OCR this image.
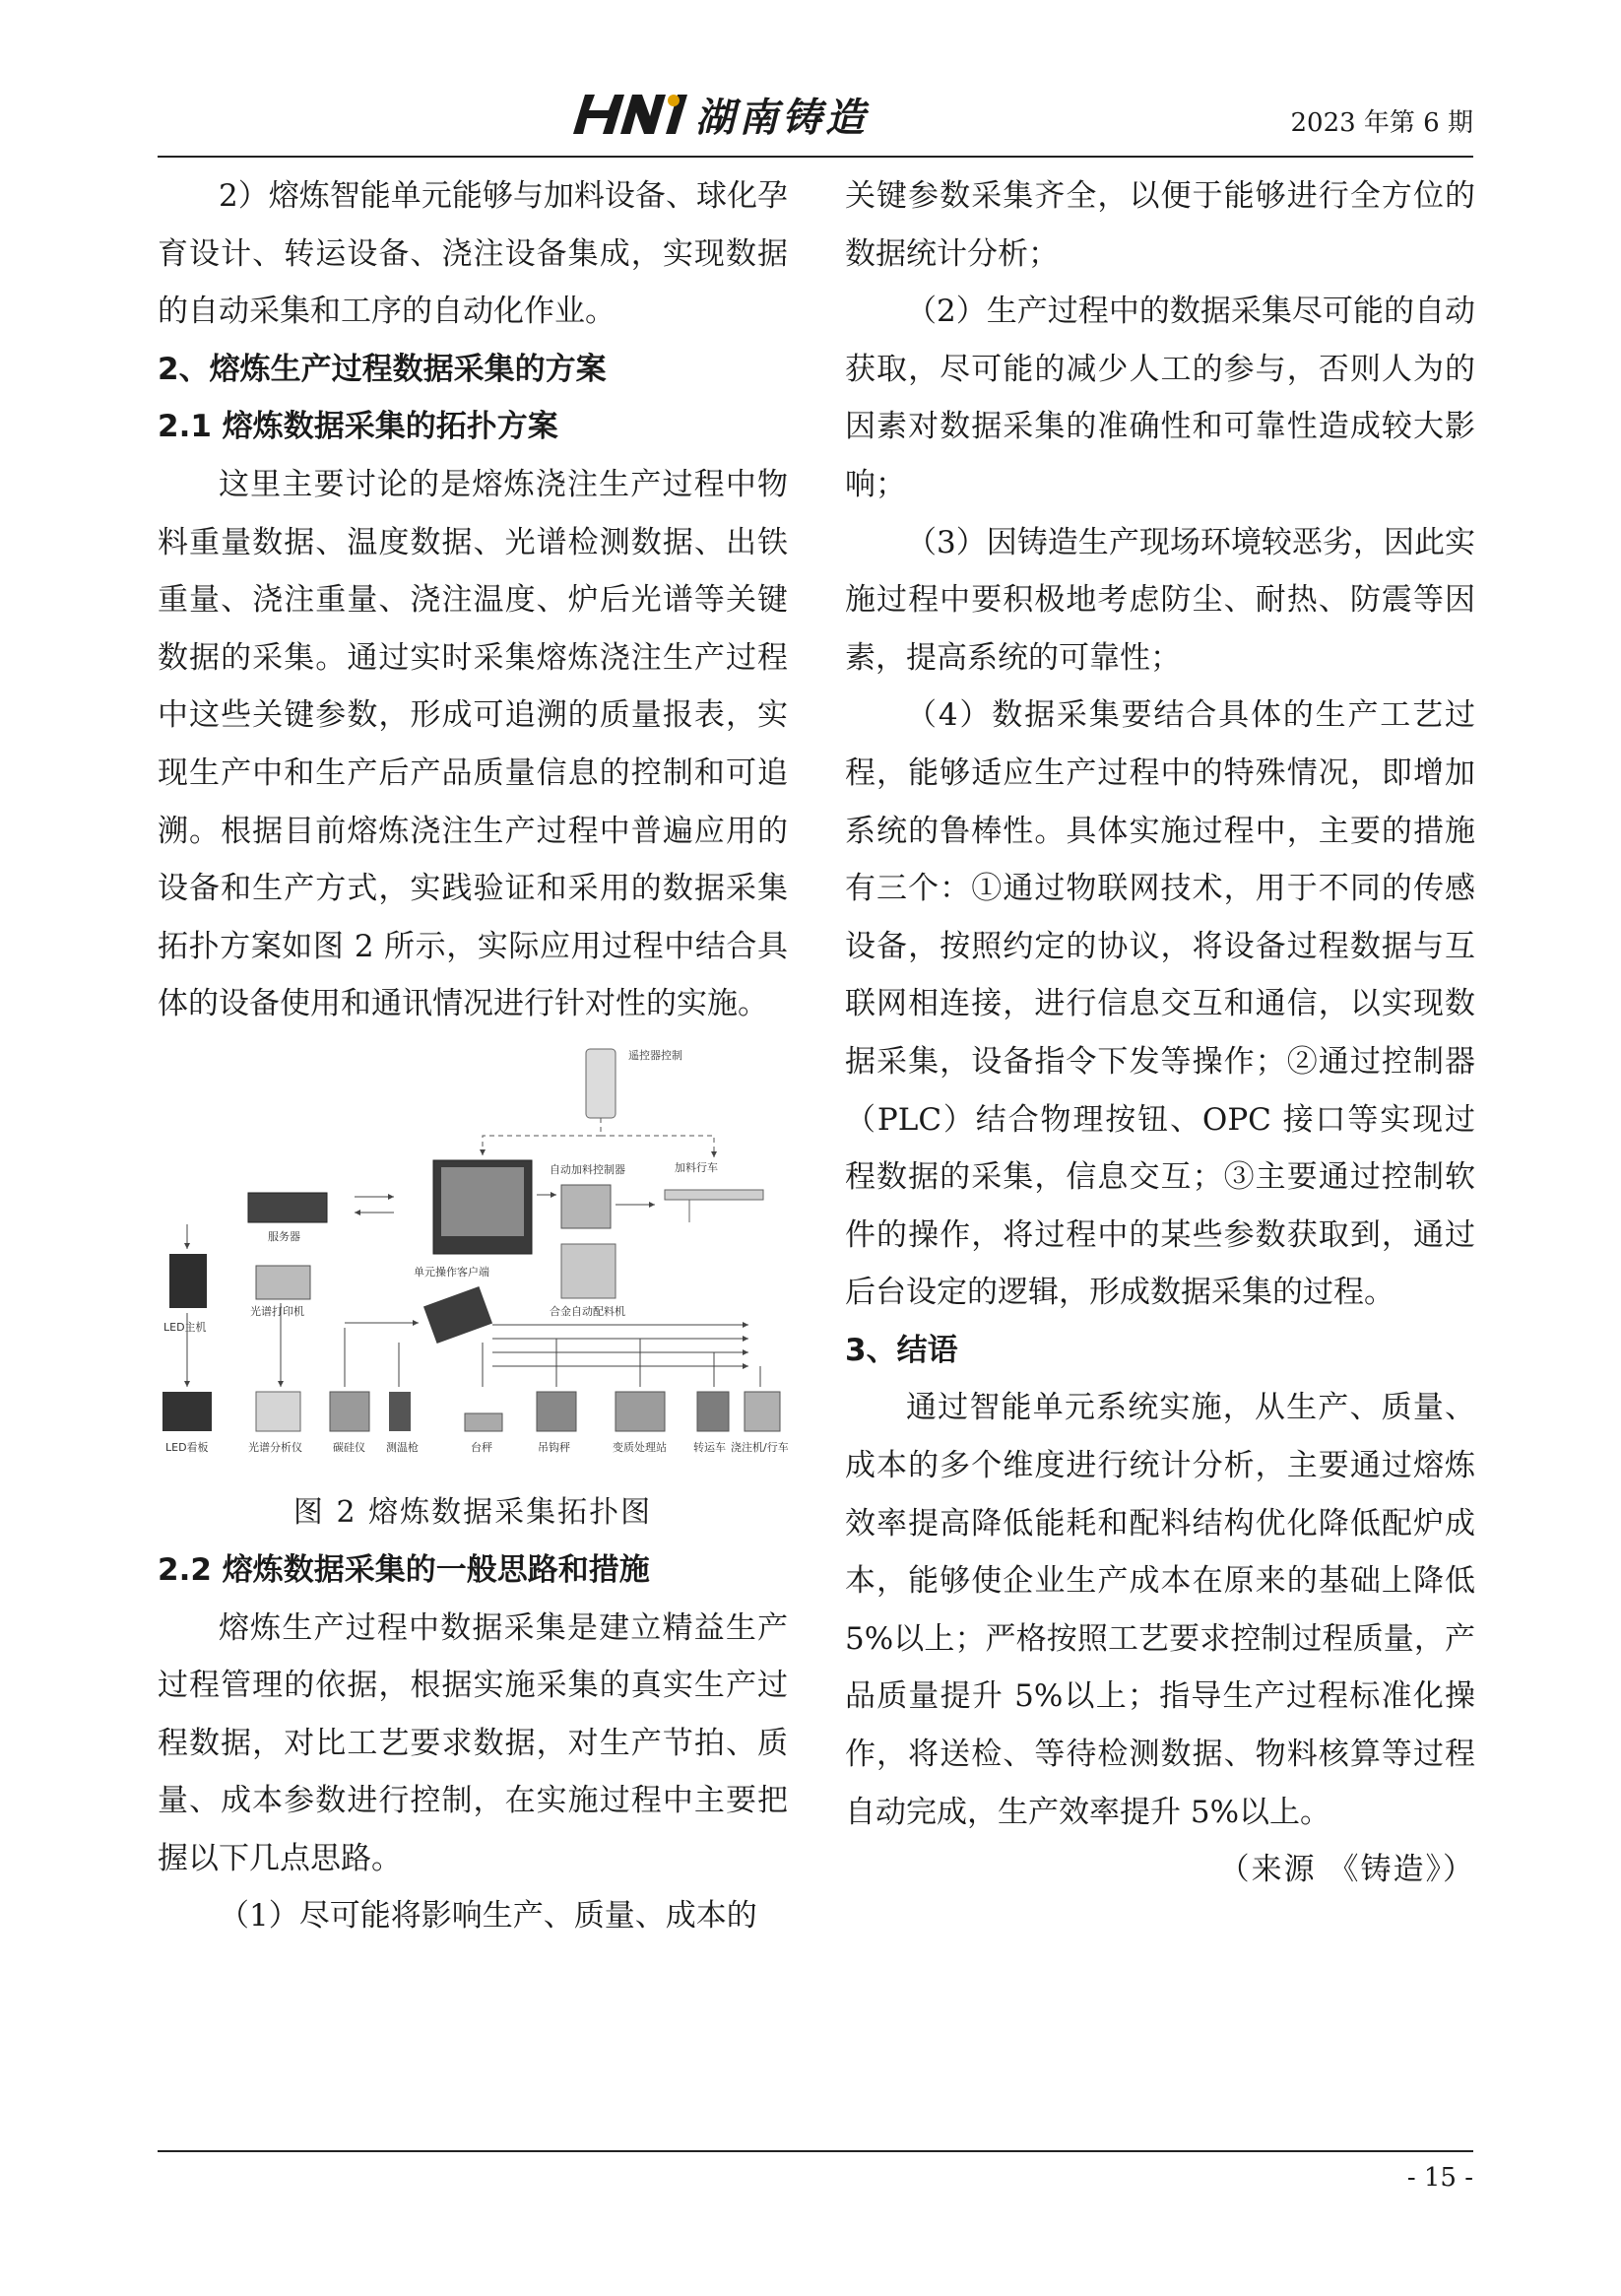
湖南铸造	2023 年第 6 期

2）熔炼智能单元能够与加料设备、球化孕育设计、转运设备、浇注设备集成，实现数据的自动采集和工序的自动化作业。

2、熔炼生产过程数据采集的方案
2.1 熔炼数据采集的拓扑方案

这里主要讨论的是熔炼浇注生产过程中物料重量数据、温度数据、光谱检测数据、出铁重量、浇注重量、浇注温度、炉后光谱等关键数据的采集。通过实时采集熔炼浇注生产过程中这些关键参数，形成可追溯的质量报表，实现生产中和生产后产品质量信息的控制和可追溯。根据目前熔炼浇注生产过程中普遍应用的设备和生产方式，实践验证和采用的数据采集拓扑方案如图 2 所示，实际应用过程中结合具体的设备使用和通讯情况进行针对性的实施。

遥控器控制
单元操作客户端
自动加料控制器	加料行车
服务器
合金自动配料机
LED主机
光谱打印机
LED看板	光谱分析仪	碳硅仪 测温枪	台秤	吊钩秤	变质处理站 转运车 浇注机/行车
图 2 熔炼数据采集拓扑图
2.2 熔炼数据采集的一般思路和措施

熔炼生产过程中数据采集是建立精益生产过程管理的依据，根据实施采集的真实生产过程数据，对比工艺要求数据，对生产节拍、质量、成本参数进行控制，在实施过程中主要把握以下几点思路。

（1）尽可能将影响生产、质量、成本的

关键参数采集齐全，以便于能够进行全方位的数据统计分析；

（2）生产过程中的数据采集尽可能的自动获取，尽可能的减少人工的参与，否则人为的因素对数据采集的准确性和可靠性造成较大影响；

（3）因铸造生产现场环境较恶劣，因此实施过程中要积极地考虑防尘、耐热、防震等因素，提高系统的可靠性；

（4）数据采集要结合具体的生产工艺过程，能够适应生产过程中的特殊情况，即增加系统的鲁棒性。具体实施过程中，主要的措施有三个：①通过物联网技术，用于不同的传感设备，按照约定的协议，将设备过程数据与互联网相连接，进行信息交互和通信，以实现数据采集，设备指令下发等操作；②通过控制器（PLC）结合物理按钮、OPC 接口等实现过程数据的采集，信息交互；③主要通过控制软件的操作，将过程中的某些参数获取到，通过后台设定的逻辑，形成数据采集的过程。

3、结语

通过智能单元系统实施，从生产、质量、成本的多个维度进行统计分析，主要通过熔炼效率提高降低能耗和配料结构优化降低配炉成本，能够使企业生产成本在原来的基础上降低 5%以上；严格按照工艺要求控制过程质量，产品质量提升 5%以上；指导生产过程标准化操作，将送检、等待检测数据、物料核算等过程自动完成，生产效率提升 5%以上。
（来源 《铸造》）

- 15 -
